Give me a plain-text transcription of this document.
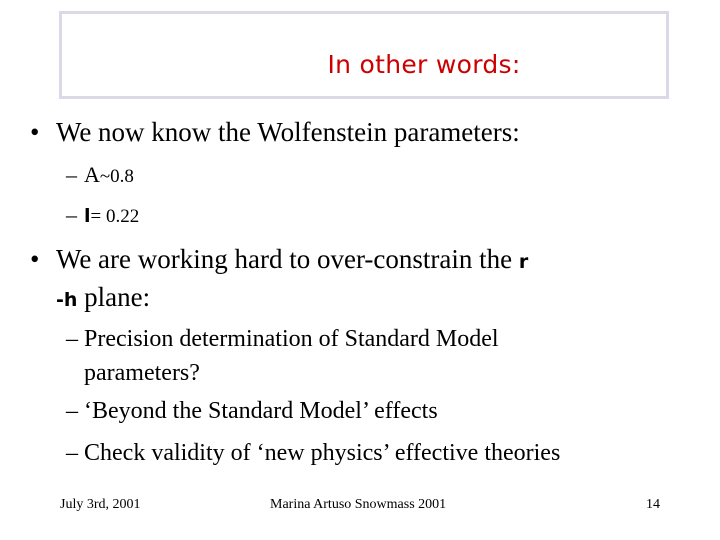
In other words:
• We now know the Wolfenstein parameters:
– A~0.8
– l= 0.22
• We are working hard to over-constrain the r
-h plane:
– Precision determination of Standard Model
parameters?
– ‘Beyond the Standard Model’ effects
– Check validity of ‘new physics’ effective theories
July 3rd, 2001	Marina Artuso Snowmass 2001	14
